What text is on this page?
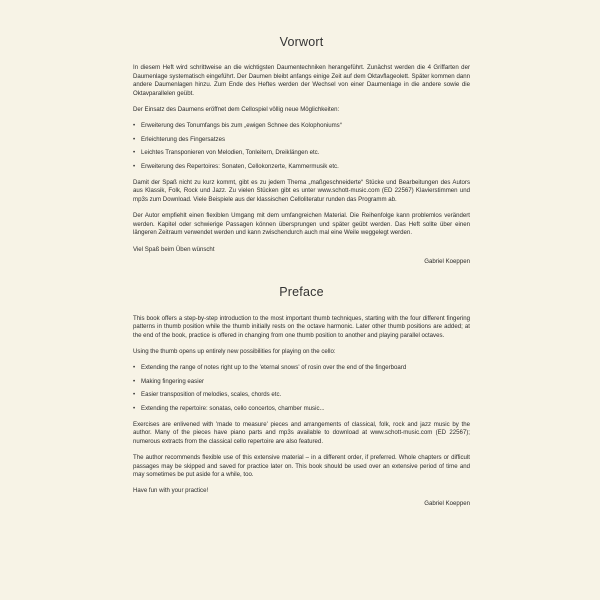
Vorwort

In diesem Heft wird schrittweise an die wichtigsten Daumentechniken herangeführt. Zunächst werden die 4 Griffarten der Daumenlage systematisch eingeführt. Der Daumen bleibt anfangs einige Zeit auf dem Oktavflageolett. Später kommen dann andere Daumenlagen hinzu. Zum Ende des Heftes werden der Wechsel von einer Daumenlage in die andere sowie die Oktavparallelen geübt.

Der Einsatz des Daumens eröffnet dem Cellospiel völlig neue Möglichkeiten:

• Erweiterung des Tonumfangs bis zum „ewigen Schnee des Kolophoniums“
• Erleichterung des Fingersatzes
• Leichtes Transponieren von Melodien, Tonleitern, Dreiklängen etc.
• Erweiterung des Repertoires: Sonaten, Cellokonzerte, Kammermusik etc.

Damit der Spaß nicht zu kurz kommt, gibt es zu jedem Thema „maßgeschneiderte“ Stücke und Bearbeitungen des Autors aus Klassik, Folk, Rock und Jazz. Zu vielen Stücken gibt es unter www.schott-music.com (ED 22567) Klavierstimmen und mp3s zum Download. Viele Beispiele aus der klassischen Celloliteratur runden das Programm ab.

Der Autor empfiehlt einen flexiblen Umgang mit dem umfangreichen Material. Die Reihenfolge kann problemlos verändert werden. Kapitel oder schwierige Passagen können übersprungen und später geübt werden. Das Heft sollte über einen längeren Zeitraum verwendet werden und kann zwischendurch auch mal eine Weile weggelegt werden.

Viel Spaß beim Üben wünscht

Gabriel Koeppen

Preface

This book offers a step-by-step introduction to the most important thumb techniques, starting with the four different fingering patterns in thumb position while the thumb initially rests on the octave harmonic. Later other thumb positions are added; at the end of the book, practice is offered in changing from one thumb position to another and playing parallel octaves.

Using the thumb opens up entirely new possibilities for playing on the cello:

• Extending the range of notes right up to the 'eternal snows' of rosin over the end of the fingerboard
• Making fingering easier
• Easier transposition of melodies, scales, chords etc.
• Extending the repertoire: sonatas, cello concertos, chamber music...

Exercises are enlivened with 'made to measure' pieces and arrangements of classical, folk, rock and jazz music by the author. Many of the pieces have piano parts and mp3s available to download at www.schott-music.com (ED 22567); numerous extracts from the classical cello repertoire are also featured.

The author recommends flexible use of this extensive material – in a different order, if preferred. Whole chapters or difficult passages may be skipped and saved for practice later on. This book should be used over an extensive period of time and may sometimes be put aside for a while, too.

Have fun with your practice!

Gabriel Koeppen
